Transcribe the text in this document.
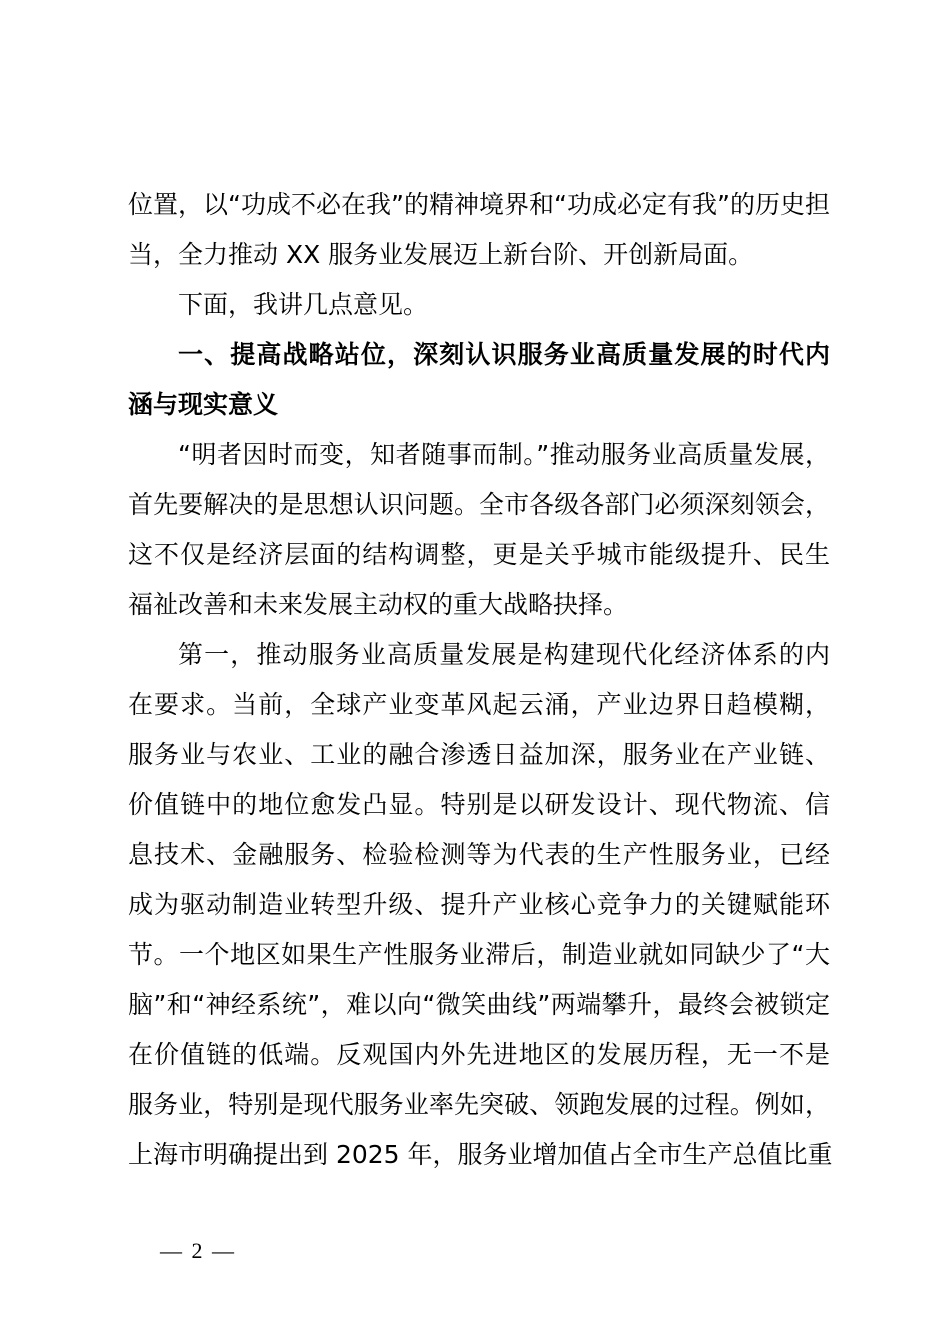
位置，以“功成不必在我”的精神境界和“功成必定有我”的历史担
当，全力推动 XX 服务业发展迈上新台阶、开创新局面。
下面，我讲几点意见。
一、提高战略站位，深刻认识服务业高质量发展的时代内
涵与现实意义
“明者因时而变，知者随事而制。”推动服务业高质量发展，
首先要解决的是思想认识问题。全市各级各部门必须深刻领会，
这不仅是经济层面的结构调整，更是关乎城市能级提升、民生
福祉改善和未来发展主动权的重大战略抉择。
第一，推动服务业高质量发展是构建现代化经济体系的内
在要求。当前，全球产业变革风起云涌，产业边界日趋模糊，
服务业与农业、工业的融合渗透日益加深，服务业在产业链、
价值链中的地位愈发凸显。特别是以研发设计、现代物流、信
息技术、金融服务、检验检测等为代表的生产性服务业，已经
成为驱动制造业转型升级、提升产业核心竞争力的关键赋能环
节。一个地区如果生产性服务业滞后，制造业就如同缺少了“大
脑”和“神经系统”，难以向“微笑曲线”两端攀升，最终会被锁定
在价值链的低端。反观国内外先进地区的发展历程，无一不是
服务业，特别是现代服务业率先突破、领跑发展的过程。例如，
上海市明确提出到 2025 年，服务业增加值占全市生产总值比重
— 2 —
